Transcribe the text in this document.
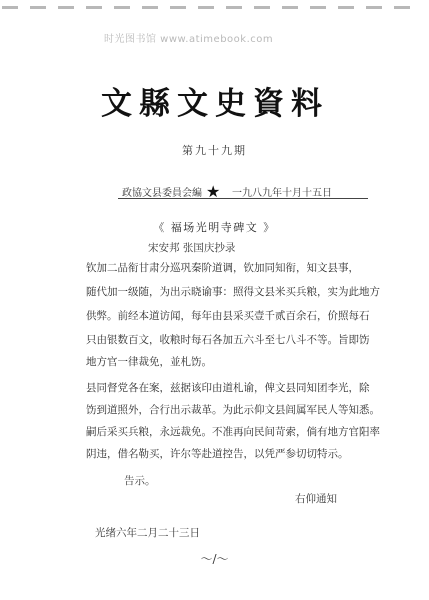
时光图书馆 www.atimebook.com
文縣文史資料
第九十九期
政協文县委員会編 ★ 一九八九年十月十五日
《 福场光明寺碑文 》
宋安邦 张国庆抄录
钦加二品衔甘肃分巡巩秦阶道调，钦加同知衔，知文县事，
随代加一级随，为出示晓谕事：照得文县米买兵粮，实为此地方
供弊。前经本道访闻，每年由县采买壹千贰百余石，价照每石
只由银数百文，收粮时每石各加五六斗至七八斗不等。旨即饬
地方官一律裁免，並札饬。
县同督党各在案，兹据该印由道札谕，俾文县同知团李光，除
饬到道照外，合行出示裁革。为此示仰文县闾属军民人等知悉。
嗣后采买兵粮，永远裁免。不准再向民间苛索，倘有地方官阳率
阴违，借名勒买，许尔等赴道控告，以凭严参切切特示。
告示。
右仰通知
光绪六年二月二十三日
～/～
